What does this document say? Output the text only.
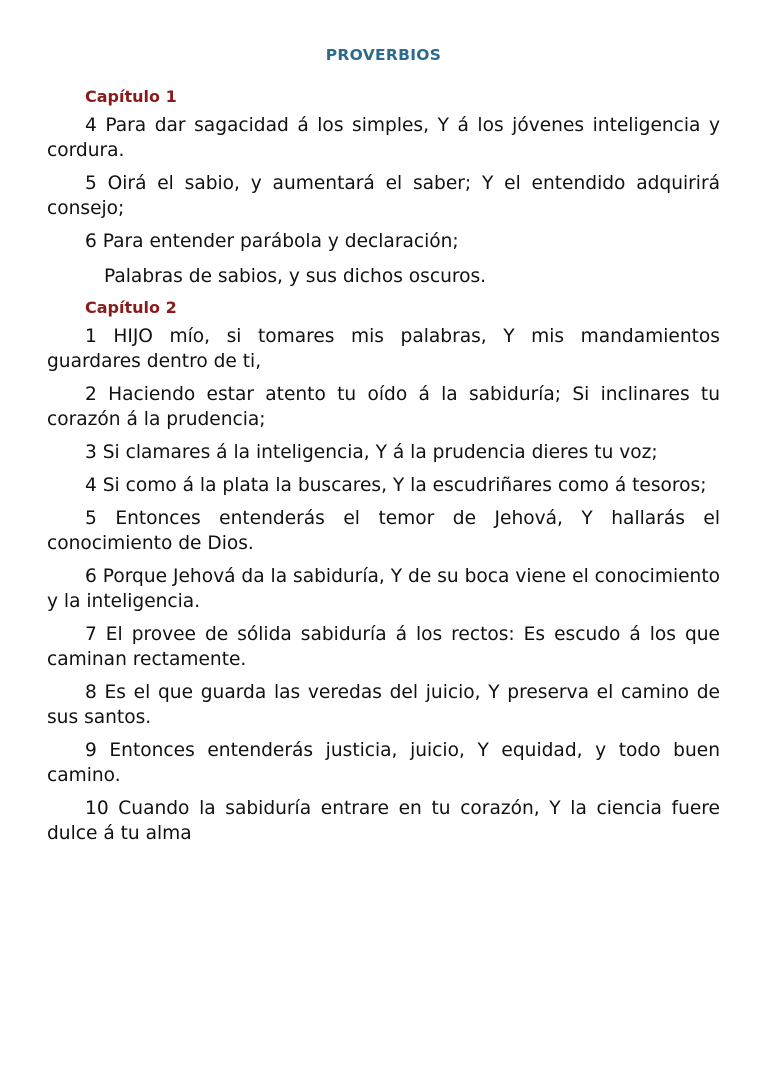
PROVERBIOS
Capítulo 1

4 Para dar sagacidad á los simples, Y á los jóvenes inteligencia y cordura.

5 Oirá el sabio, y aumentará el saber; Y el entendido adquirirá consejo;

6 Para entender parábola y declaración;

Palabras de sabios, y sus dichos oscuros.

Capítulo 2

1 HIJO mío, si tomares mis palabras, Y mis mandamientos guardares dentro de ti,

2 Haciendo estar atento tu oído á la sabiduría; Si inclinares tu corazón á la prudencia;

3 Si clamares á la inteligencia, Y á la prudencia dieres tu voz;

4 Si como á la plata la buscares, Y la escudriñares como á tesoros;

5 Entonces entenderás el temor de Jehová, Y hallarás el conocimiento de Dios.

6 Porque Jehová da la sabiduría, Y de su boca viene el conocimiento y la inteligencia.

7 El provee de sólida sabiduría á los rectos: Es escudo á los que caminan rectamente.

8 Es el que guarda las veredas del juicio, Y preserva el camino de sus santos.

9 Entonces entenderás justicia, juicio, Y equidad, y todo buen camino.

10 Cuando la sabiduría entrare en tu corazón, Y la ciencia fuere dulce á tu alma
